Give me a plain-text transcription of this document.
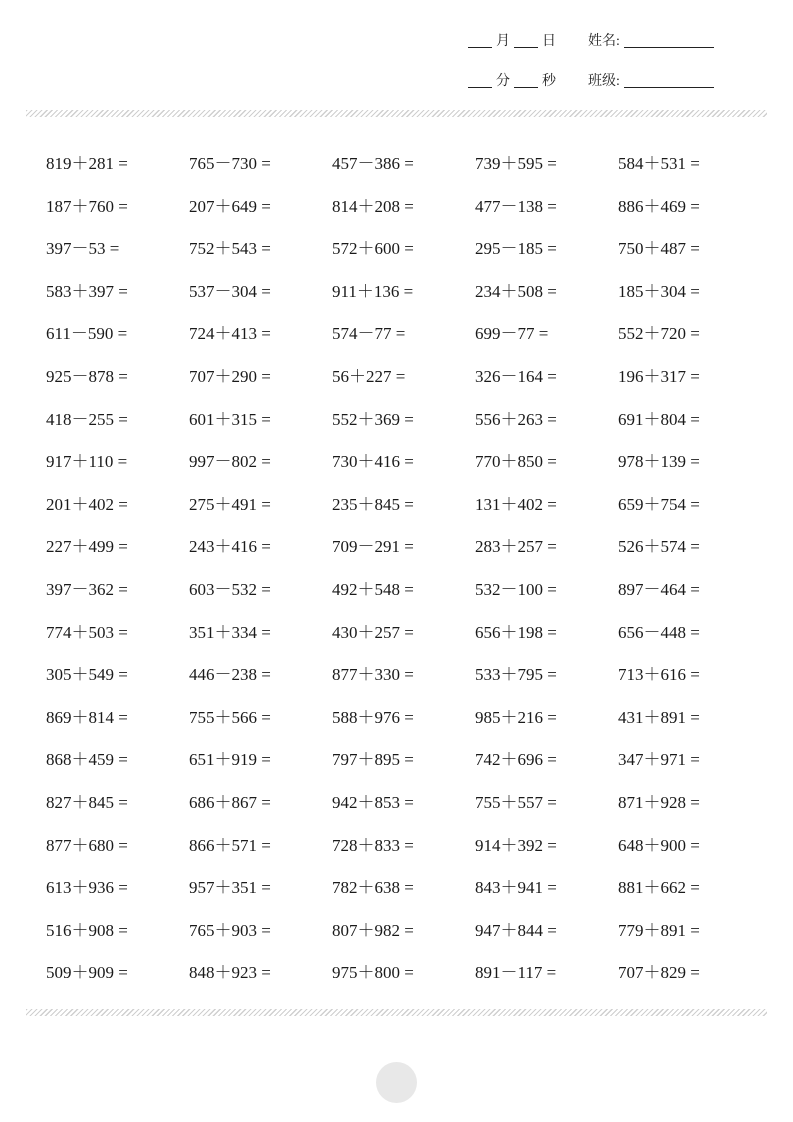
月 日 姓名:
分 秒 班级:
819＋281 =	765－730 =	457－386 =	739＋595 =	584＋531 =
187＋760 =	207＋649 =	814＋208 =	477－138 =	886＋469 =
397－53 =	752＋543 =	572＋600 =	295－185 =	750＋487 =
583＋397 =	537－304 =	911＋136 =	234＋508 =	185＋304 =
611－590 =	724＋413 =	574－77 =	699－77 =	552＋720 =
925－878 =	707＋290 =	56＋227 =	326－164 =	196＋317 =
418－255 =	601＋315 =	552＋369 =	556＋263 =	691＋804 =
917＋110 =	997－802 =	730＋416 =	770＋850 =	978＋139 =
201＋402 =	275＋491 =	235＋845 =	131＋402 =	659＋754 =
227＋499 =	243＋416 =	709－291 =	283＋257 =	526＋574 =
397－362 =	603－532 =	492＋548 =	532－100 =	897－464 =
774＋503 =	351＋334 =	430＋257 =	656＋198 =	656－448 =
305＋549 =	446－238 =	877＋330 =	533＋795 =	713＋616 =
869＋814 =	755＋566 =	588＋976 =	985＋216 =	431＋891 =
868＋459 =	651＋919 =	797＋895 =	742＋696 =	347＋971 =
827＋845 =	686＋867 =	942＋853 =	755＋557 =	871＋928 =
877＋680 =	866＋571 =	728＋833 =	914＋392 =	648＋900 =
613＋936 =	957＋351 =	782＋638 =	843＋941 =	881＋662 =
516＋908 =	765＋903 =	807＋982 =	947＋844 =	779＋891 =
509＋909 =	848＋923 =	975＋800 =	891－117 =	707＋829 =
